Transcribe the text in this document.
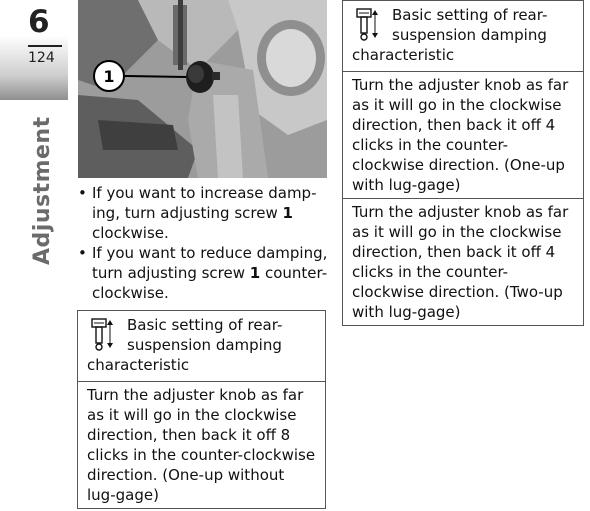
6
124
Adjustment
1
• If you want to increase damp-ing, turn adjusting screw 1 clockwise.
• If you want to reduce damping, turn adjusting screw 1 counter-clockwise.
Basic setting of rear-
suspension damping
characteristic
Turn the adjuster knob as far as it will go in the clockwise direction, then back it off 8 clicks in the counter-clockwise direction. (One-up without lug-gage)
Basic setting of rear-
suspension damping
characteristic
Turn the adjuster knob as far as it will go in the clockwise direction, then back it off 4 clicks in the counter-clockwise direction. (One-up with lug-gage)
Turn the adjuster knob as far as it will go in the clockwise direction, then back it off 4 clicks in the counter-clockwise direction. (Two-up with lug-gage)
